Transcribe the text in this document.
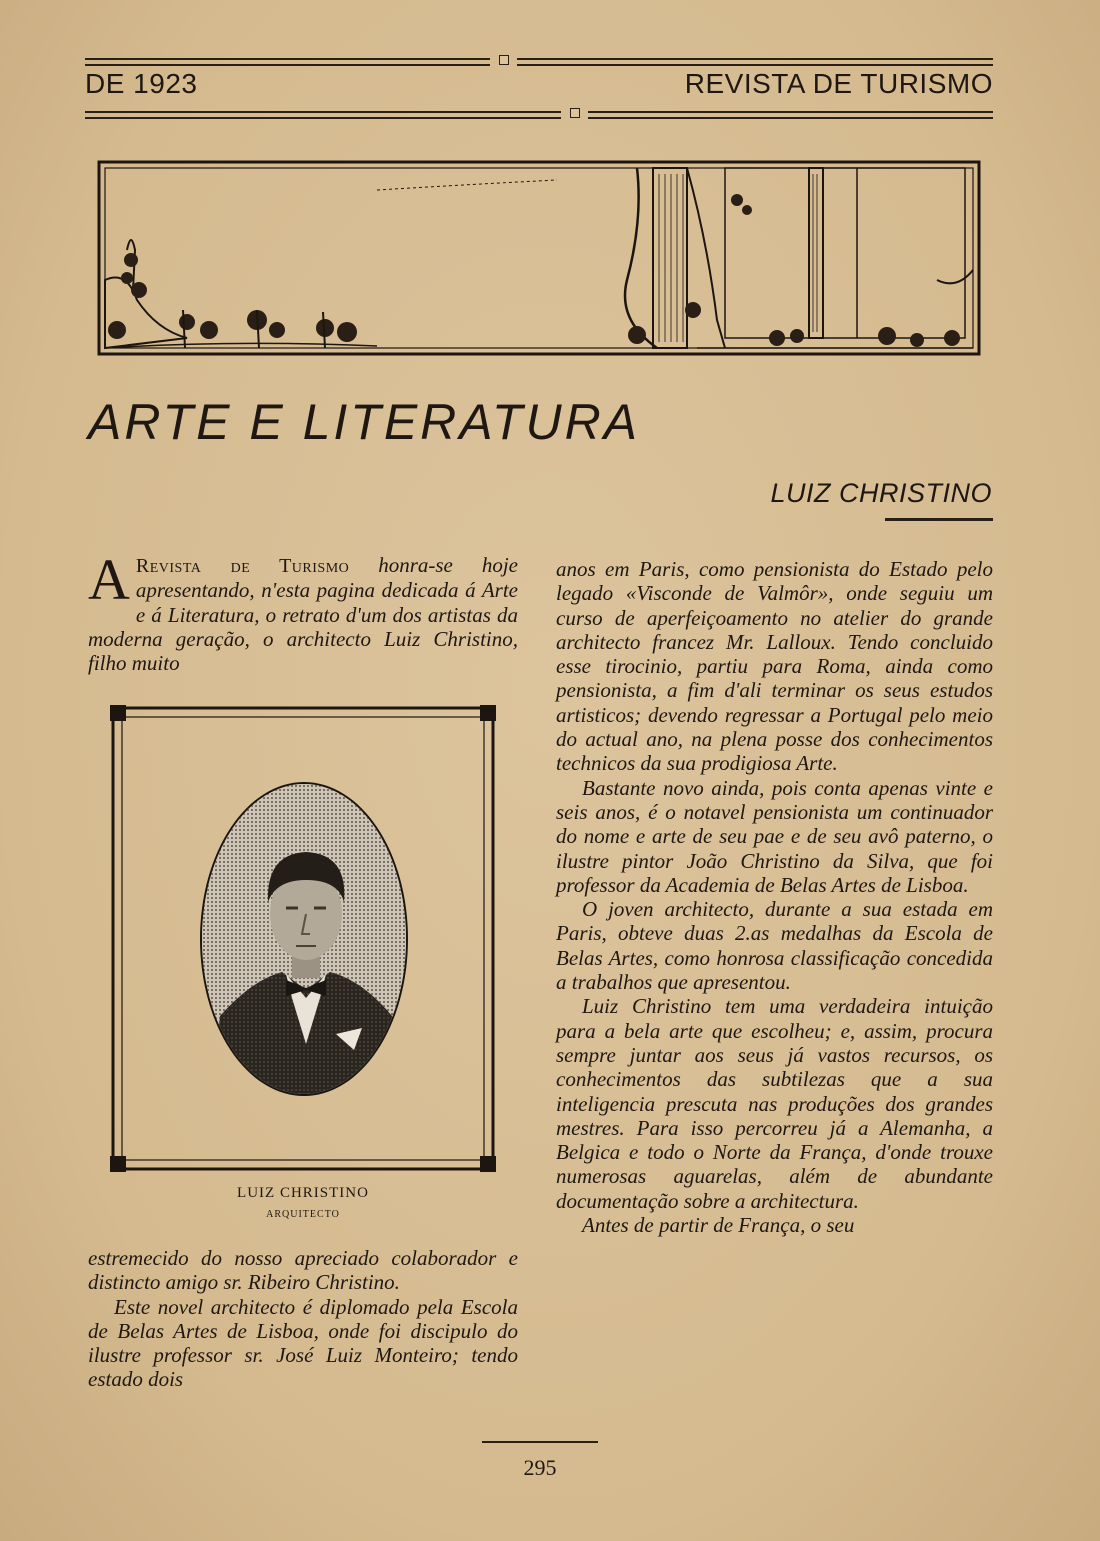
DE 1923	REVISTA DE TURISMO
ARTE E LITERATURA
LUIZ CHRISTINO

A Revista de Turismo honra-se hoje apresentando, n'esta pagina dedicada á Arte e á Literatura, o retrato d'um dos artistas da moderna geração, o architecto Luiz Christino, filho muito

LUIZ CHRISTINO
ARQUITECTO

estremecido do nosso apreciado colaborador e distincto amigo sr. Ribeiro Christino.

Este novel architecto é diplomado pela Escola de Belas Artes de Lisboa, onde foi discipulo do ilustre professor sr. José Luiz Monteiro; tendo estado dois

anos em Paris, como pensionista do Estado pelo legado «Visconde de Valmôr», onde seguiu um curso de aperfeiçoamento no atelier do grande architecto francez Mr. Lalloux. Tendo concluido esse tirocinio, partiu para Roma, ainda como pensionista, a fim d'ali terminar os seus estudos artisticos; devendo regressar a Portugal pelo meio do actual ano, na plena posse dos conhecimentos technicos da sua prodigiosa Arte.

Bastante novo ainda, pois conta apenas vinte e seis anos, é o notavel pensionista um continuador do nome e arte de seu pae e de seu avô paterno, o ilustre pintor João Christino da Silva, que foi professor da Academia de Belas Artes de Lisboa.

O joven architecto, durante a sua estada em Paris, obteve duas 2.as medalhas da Escola de Belas Artes, como honrosa classificação concedida a trabalhos que apresentou.

Luiz Christino tem uma verdadeira intuição para a bela arte que escolheu; e, assim, procura sempre juntar aos seus já vastos recursos, os conhecimentos das subtilezas que a sua inteligencia prescuta nas produções dos grandes mestres. Para isso percorreu já a Alemanha, a Belgica e todo o Norte da França, d'onde trouxe numerosas aguarelas, além de abundante documentação sobre a architectura.

Antes de partir de França, o seu

295
